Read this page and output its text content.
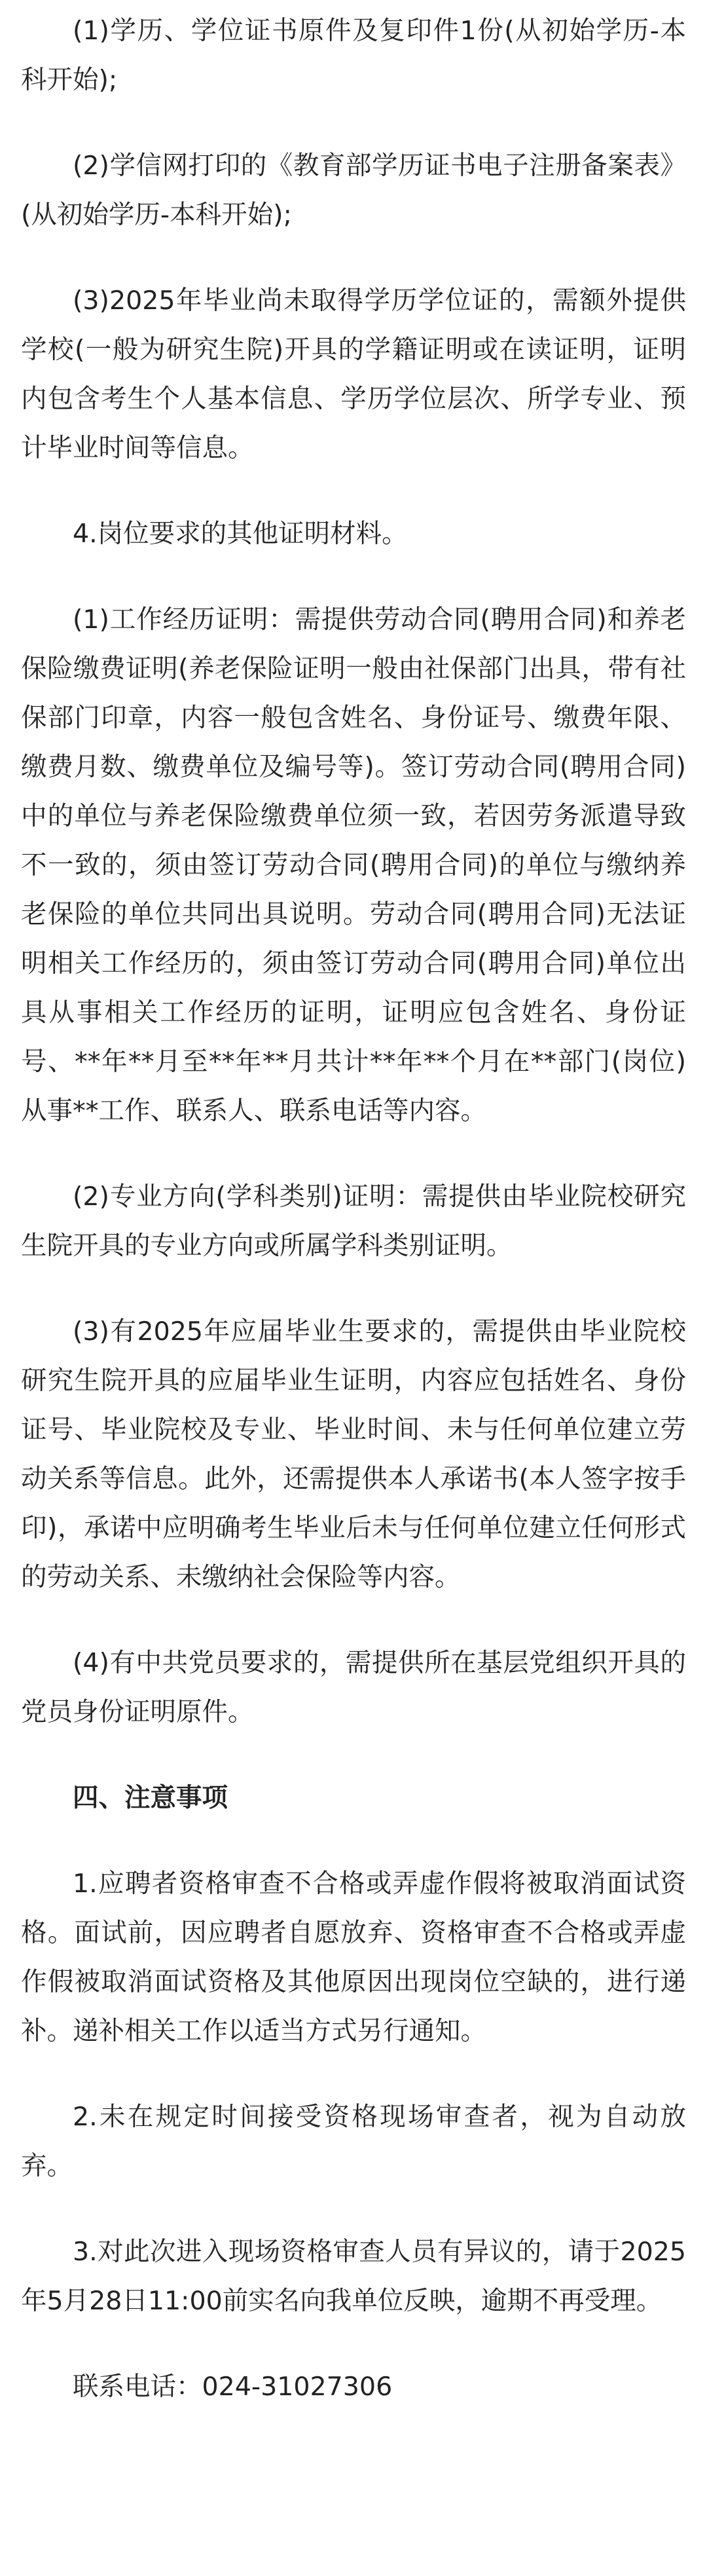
(1)学历、学位证书原件及复印件1份(从初始学历-本科开始);

(2)学信网打印的《教育部学历证书电子注册备案表》(从初始学历-本科开始);

(3)2025年毕业尚未取得学历学位证的，需额外提供学校(一般为研究生院)开具的学籍证明或在读证明，证明内包含考生个人基本信息、学历学位层次、所学专业、预计毕业时间等信息。

4.岗位要求的其他证明材料。

(1)工作经历证明：需提供劳动合同(聘用合同)和养老保险缴费证明(养老保险证明一般由社保部门出具，带有社保部门印章，内容一般包含姓名、身份证号、缴费年限、缴费月数、缴费单位及编号等)。签订劳动合同(聘用合同)中的单位与养老保险缴费单位须一致，若因劳务派遣导致不一致的，须由签订劳动合同(聘用合同)的单位与缴纳养老保险的单位共同出具说明。劳动合同(聘用合同)无法证明相关工作经历的，须由签订劳动合同(聘用合同)单位出具从事相关工作经历的证明，证明应包含姓名、身份证号、**年**月至**年**月共计**年**个月在**部门(岗位)从事**工作、联系人、联系电话等内容。

(2)专业方向(学科类别)证明：需提供由毕业院校研究生院开具的专业方向或所属学科类别证明。

(3)有2025年应届毕业生要求的，需提供由毕业院校研究生院开具的应届毕业生证明，内容应包括姓名、身份证号、毕业院校及专业、毕业时间、未与任何单位建立劳动关系等信息。此外，还需提供本人承诺书(本人签字按手印)，承诺中应明确考生毕业后未与任何单位建立任何形式的劳动关系、未缴纳社会保险等内容。

(4)有中共党员要求的，需提供所在基层党组织开具的党员身份证明原件。

四、注意事项

1.应聘者资格审查不合格或弄虚作假将被取消面试资格。面试前，因应聘者自愿放弃、资格审查不合格或弄虚作假被取消面试资格及其他原因出现岗位空缺的，进行递补。递补相关工作以适当方式另行通知。

2.未在规定时间接受资格现场审查者，视为自动放弃。

3.对此次进入现场资格审查人员有异议的，请于2025年5月28日11:00前实名向我单位反映，逾期不再受理。

联系电话：024-31027306
